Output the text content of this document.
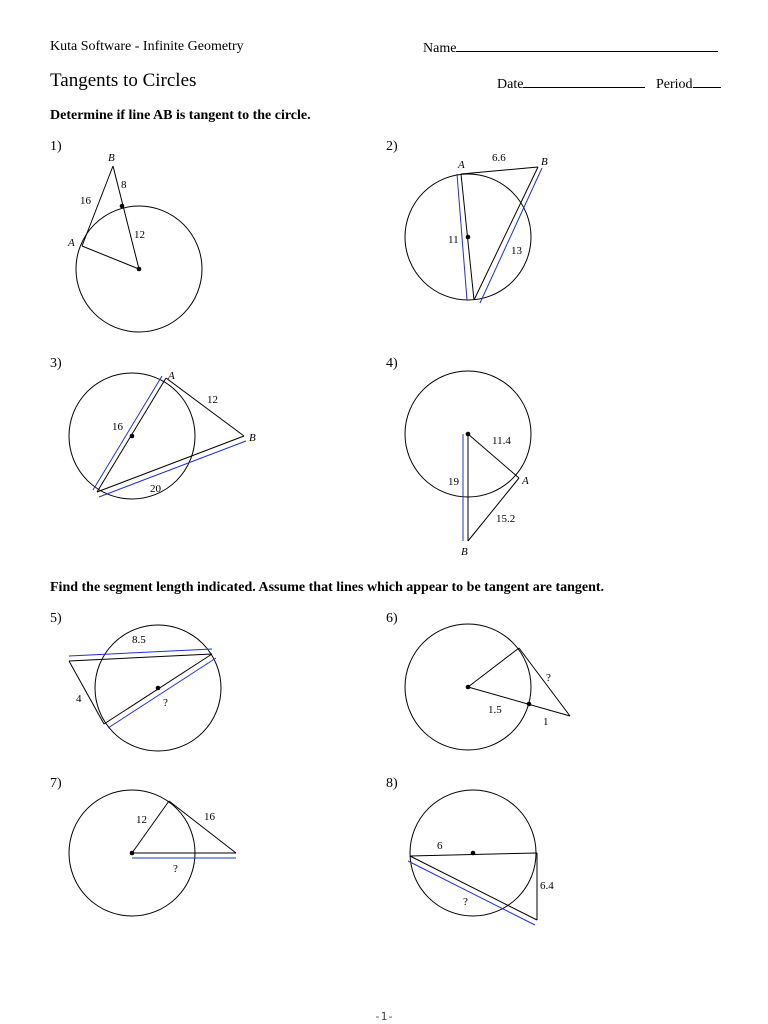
Kuta Software - Infinite Geometry
Tangents to Circles
Name
Date	Period
Determine if line AB is tangent to the circle.
Find the segment length indicated. Assume that lines which appear to be tangent are tangent.
1)	2)
3)	4)
5)	6)
7)	8)
B
A
16
8
12
A	B
6.6
11
13
A
B
12
16
20
A
B
11.4
19
15.2
8.5
4	?
?
1.5
1
12	16
?
6
6.4
?
-1-
